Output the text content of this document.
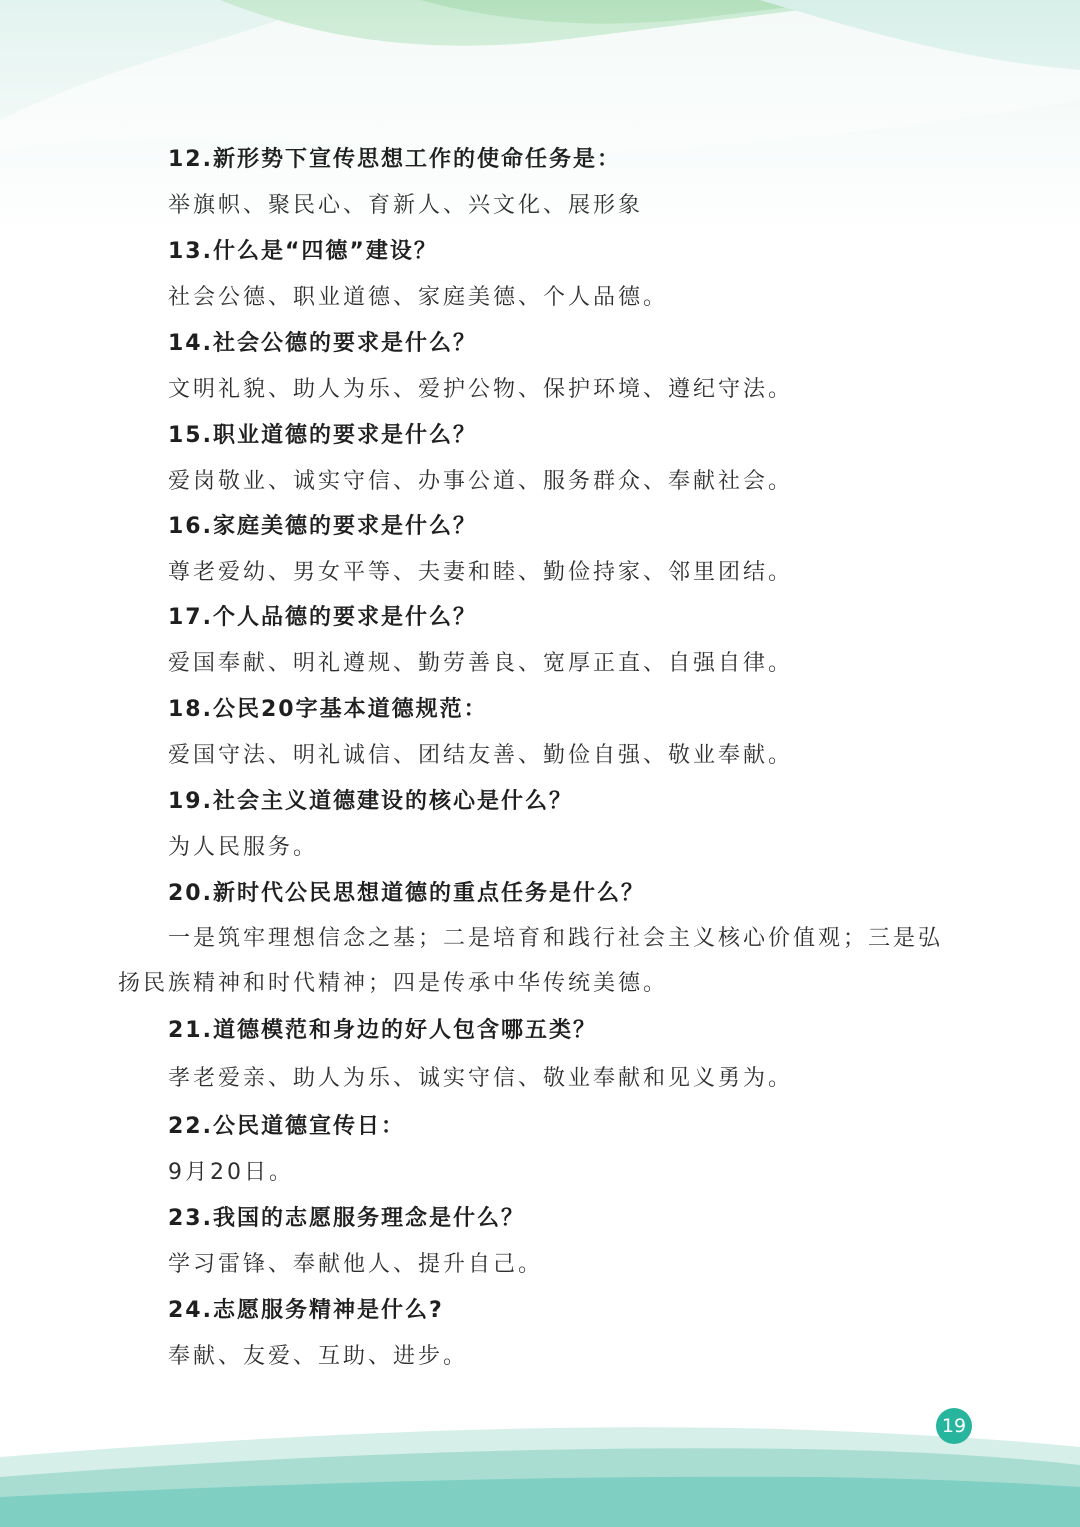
12.新形势下宣传思想工作的使命任务是：
举旗帜、聚民心、育新人、兴文化、展形象
13.什么是“四德”建设？
社会公德、职业道德、家庭美德、个人品德。
14.社会公德的要求是什么？
文明礼貌、助人为乐、爱护公物、保护环境、遵纪守法。
15.职业道德的要求是什么？
爱岗敬业、诚实守信、办事公道、服务群众、奉献社会。
16.家庭美德的要求是什么？
尊老爱幼、男女平等、夫妻和睦、勤俭持家、邻里团结。
17.个人品德的要求是什么？
爱国奉献、明礼遵规、勤劳善良、宽厚正直、自强自律。
18.公民20字基本道德规范：
爱国守法、明礼诚信、团结友善、勤俭自强、敬业奉献。
19.社会主义道德建设的核心是什么？
为人民服务。
20.新时代公民思想道德的重点任务是什么？
一是筑牢理想信念之基；二是培育和践行社会主义核心价值观；三是弘
扬民族精神和时代精神；四是传承中华传统美德。
21.道德模范和身边的好人包含哪五类？
孝老爱亲、助人为乐、诚实守信、敬业奉献和见义勇为。
22.公民道德宣传日：
9月20日。
23.我国的志愿服务理念是什么？
学习雷锋、奉献他人、提升自己。
24.志愿服务精神是什么?
奉献、友爱、互助、进步。
19
